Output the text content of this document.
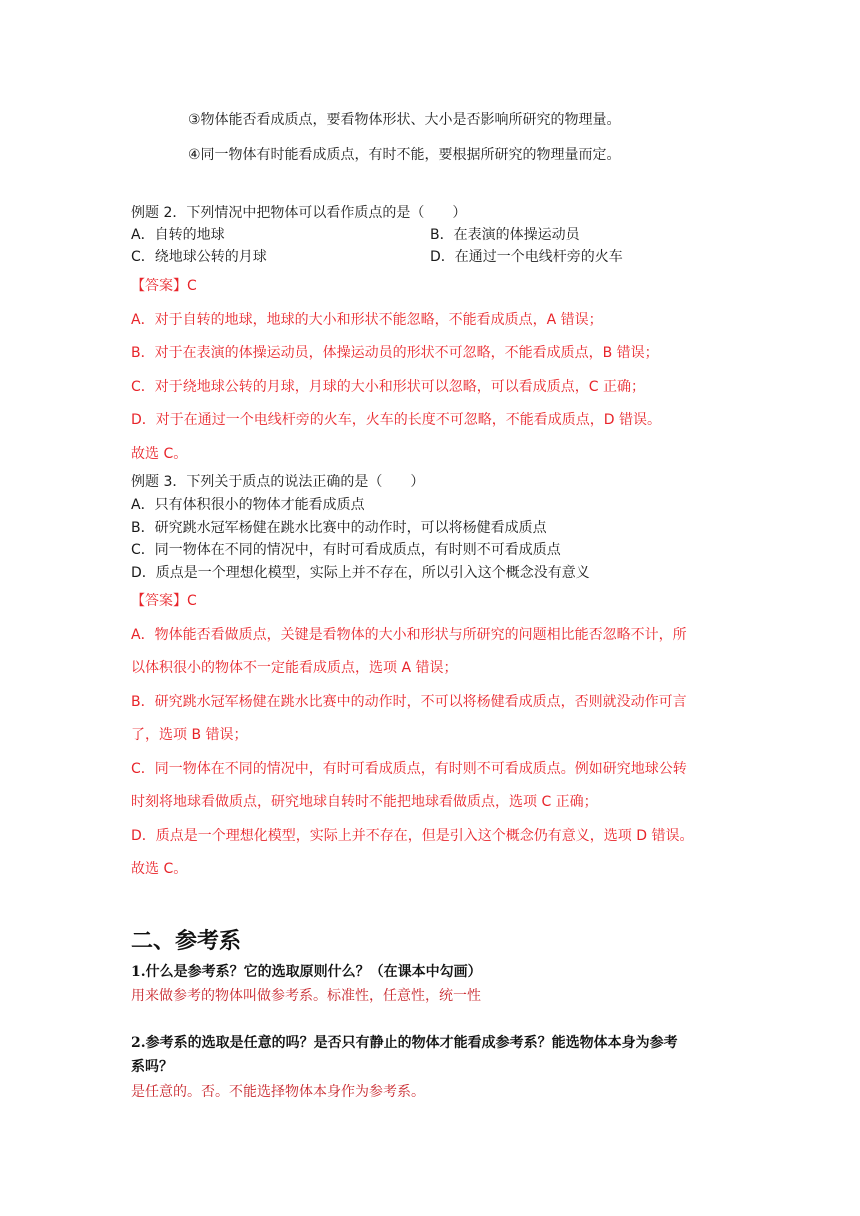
③物体能否看成质点，要看物体形状、大小是否影响所研究的物理量。
④同一物体有时能看成质点，有时不能，要根据所研究的物理量而定。
例题 2．下列情况中把物体可以看作质点的是（　　）
A．自转的地球	B．在表演的体操运动员
C．绕地球公转的月球	D．在通过一个电线杆旁的火车
【答案】C
A．对于自转的地球，地球的大小和形状不能忽略，不能看成质点，A 错误；
B．对于在表演的体操运动员，体操运动员的形状不可忽略，不能看成质点，B 错误；
C．对于绕地球公转的月球，月球的大小和形状可以忽略，可以看成质点，C 正确；
D．对于在通过一个电线杆旁的火车，火车的长度不可忽略，不能看成质点，D 错误。
故选 C。
例题 3．下列关于质点的说法正确的是（　　）
A．只有体积很小的物体才能看成质点
B．研究跳水冠军杨健在跳水比赛中的动作时，可以将杨健看成质点
C．同一物体在不同的情况中，有时可看成质点，有时则不可看成质点
D．质点是一个理想化模型，实际上并不存在，所以引入这个概念没有意义
【答案】C
A．物体能否看做质点，关键是看物体的大小和形状与所研究的问题相比能否忽略不计，所
以体积很小的物体不一定能看成质点，选项 A 错误；
B．研究跳水冠军杨健在跳水比赛中的动作时，不可以将杨健看成质点，否则就没动作可言
了，选项 B 错误；
C．同一物体在不同的情况中，有时可看成质点，有时则不可看成质点。例如研究地球公转
时刻将地球看做质点，研究地球自转时不能把地球看做质点，选项 C 正确；
D．质点是一个理想化模型，实际上并不存在，但是引入这个概念仍有意义，选项 D 错误。
故选 C。
二、参考系
1.什么是参考系？它的选取原则什么？（在课本中勾画）
用来做参考的物体叫做参考系。标准性，任意性，统一性
2.参考系的选取是任意的吗？是否只有静止的物体才能看成参考系？能选物体本身为参考
系吗？
是任意的。否。不能选择物体本身作为参考系。
